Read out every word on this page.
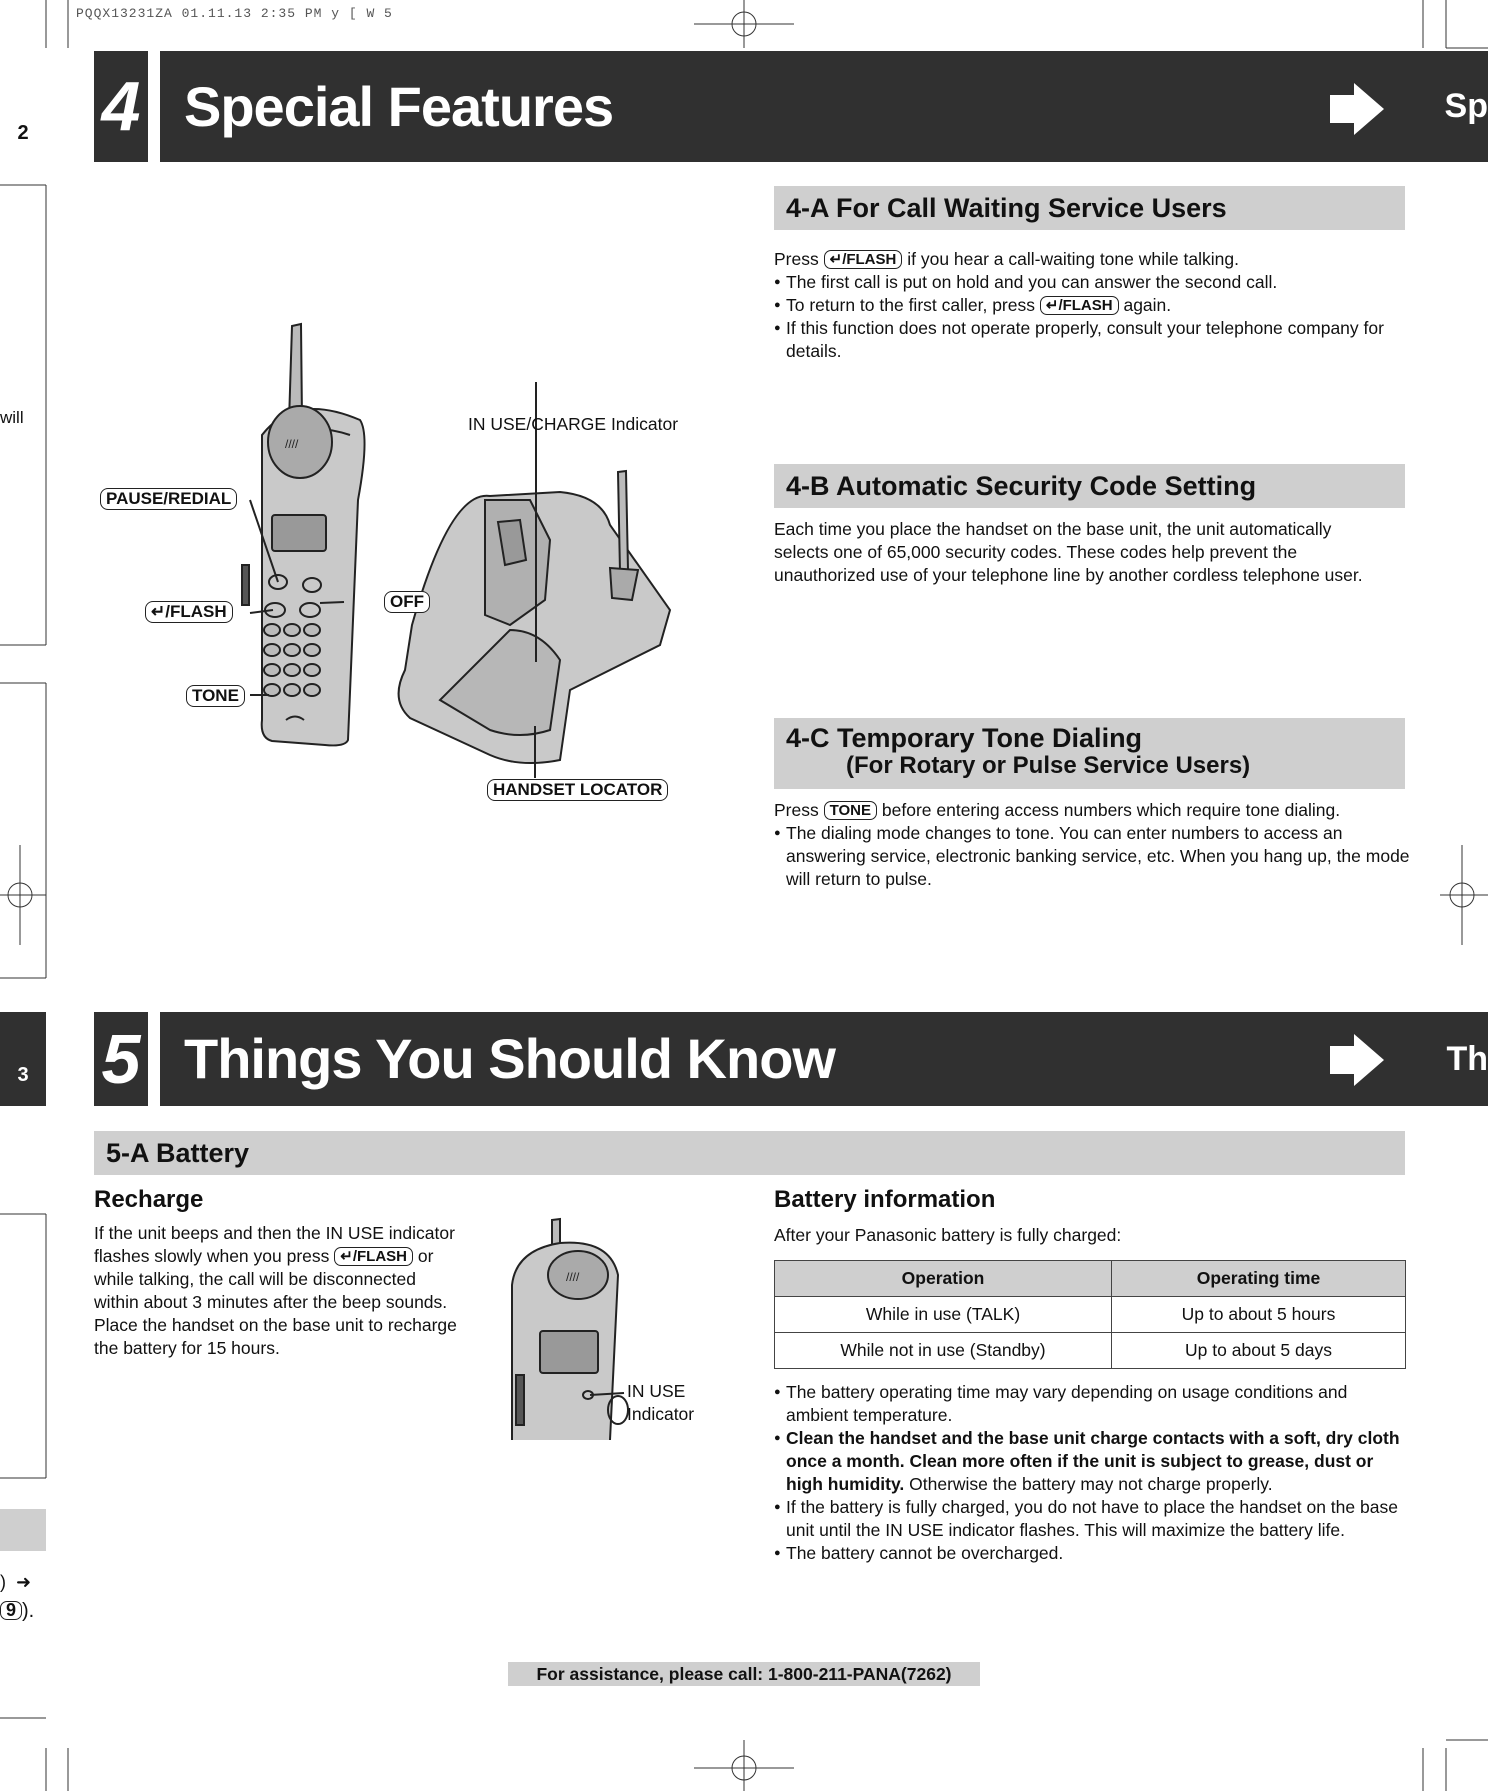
PQQX13231ZA 01.11.13 2:35 PM y [ W 5
2
will
3
)  ➜
9 ).
4 Special Features	Sp
////
PAUSE/REDIAL
↵/FLASH
TONE
OFF
IN USE/CHARGE Indicator
HANDSET LOCATOR
4-A For Call Waiting Service Users

Press ↵/FLASH if you hear a call-waiting tone while talking.

● The first call is put on hold and you can answer the second call.

● To return to the first caller, press ↵/FLASH again.

● If this function does not operate properly, consult your telephone company for details.

4-B Automatic Security Code Setting
Each time you place the handset on the base unit, the unit automatically selects one of 65,000 security codes. These codes help prevent the unauthorized use of your telephone line by another cordless telephone user.
4-C Temporary Tone Dialing
(For Rotary or Pulse Service Users)

Press TONE before entering access numbers which require tone dialing.

● The dialing mode changes to tone. You can enter numbers to access an answering service, electronic banking service, etc. When you hang up, the mode will return to pulse.

5 Things You Should Know	Th
5-A Battery
Recharge

If the unit beeps and then the IN USE indicator flashes slowly when you press ↵/FLASH or while talking, the call will be disconnected within about 3 minutes after the beep sounds.

Place the handset on the base unit to recharge the battery for 15 hours.

////
IN USE
Indicator
Battery information
After your Panasonic battery is fully charged:
Operation	Operating time
While in use (TALK)	Up to about 5 hours
While not in use (Standby)	Up to about 5 days

● The battery operating time may vary depending on usage conditions and ambient temperature.

● Clean the handset and the base unit charge contacts with a soft, dry cloth once a month. Clean more often if the unit is subject to grease, dust or high humidity. Otherwise the battery may not charge properly.

● If the battery is fully charged, you do not have to place the handset on the base unit until the IN USE indicator flashes. This will maximize the battery life.

● The battery cannot be overcharged.

For assistance, please call: 1-800-211-PANA(7262)
